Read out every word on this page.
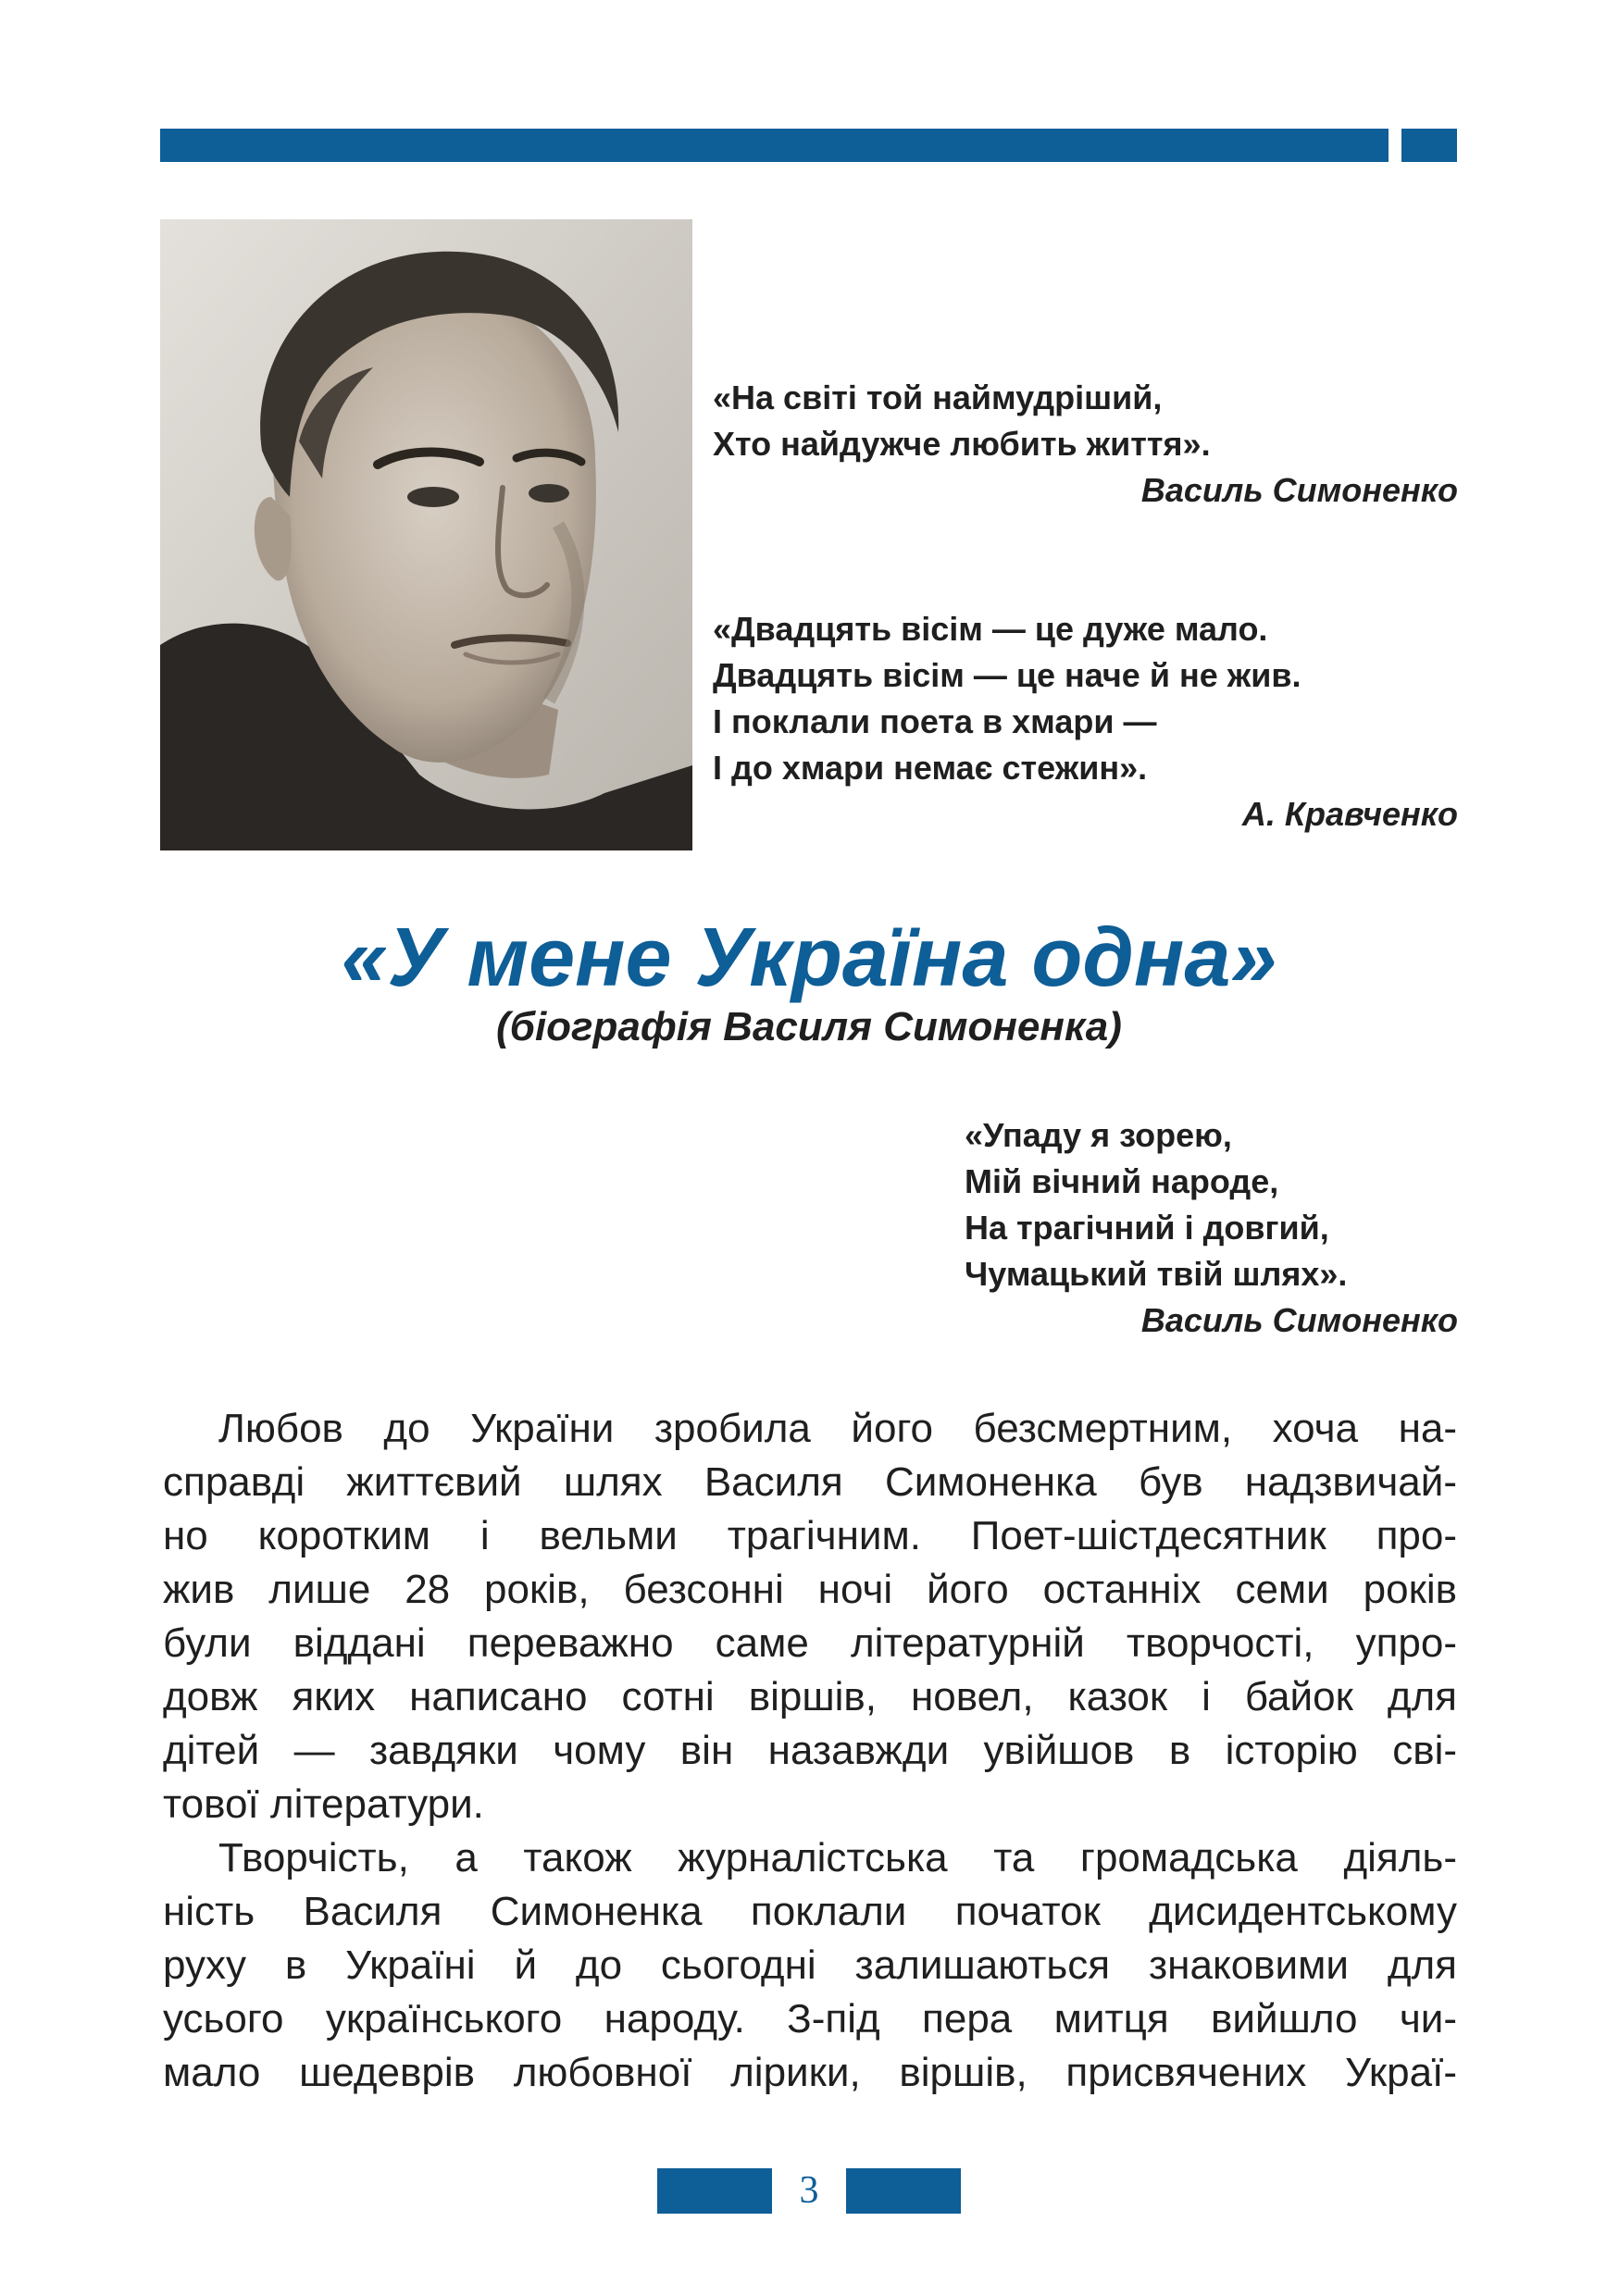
«На світі той наймудріший,
Хто найдужче любить життя».
Василь Симоненко
«Двадцять вісім — це дуже мало.
Двадцять вісім — це наче й не жив.
І поклали поета в хмари —
І до хмари немає стежин».
А. Кравченко
«У мене Україна одна»
(біографія Василя Симоненка)
«Упаду я зорею,
Мій вічний народе,
На трагічний і довгий,
Чумацький твій шлях».
Василь Симоненко
Любов до України зробила його безсмертним, хоча на-
справді життєвий шлях Василя Симоненка був надзвичай-
но коротким і вельми трагічним. Поет-шістдесятник про-
жив лише 28 років, безсонні ночі його останніх семи років
були віддані переважно саме літературній творчості, упро-
довж яких написано сотні віршів, новел, казок і байок для
дітей — завдяки чому він назавжди увійшов в історію сві-
тової літератури.
Творчість, а також журналістська та громадська діяль-
ність Василя Симоненка поклали початок дисидентському
руху в Україні й до сьогодні залишаються знаковими для
усього українського народу. З-під пера митця вийшло чи-
мало шедеврів любовної лірики, віршів, присвячених Украї-
3
